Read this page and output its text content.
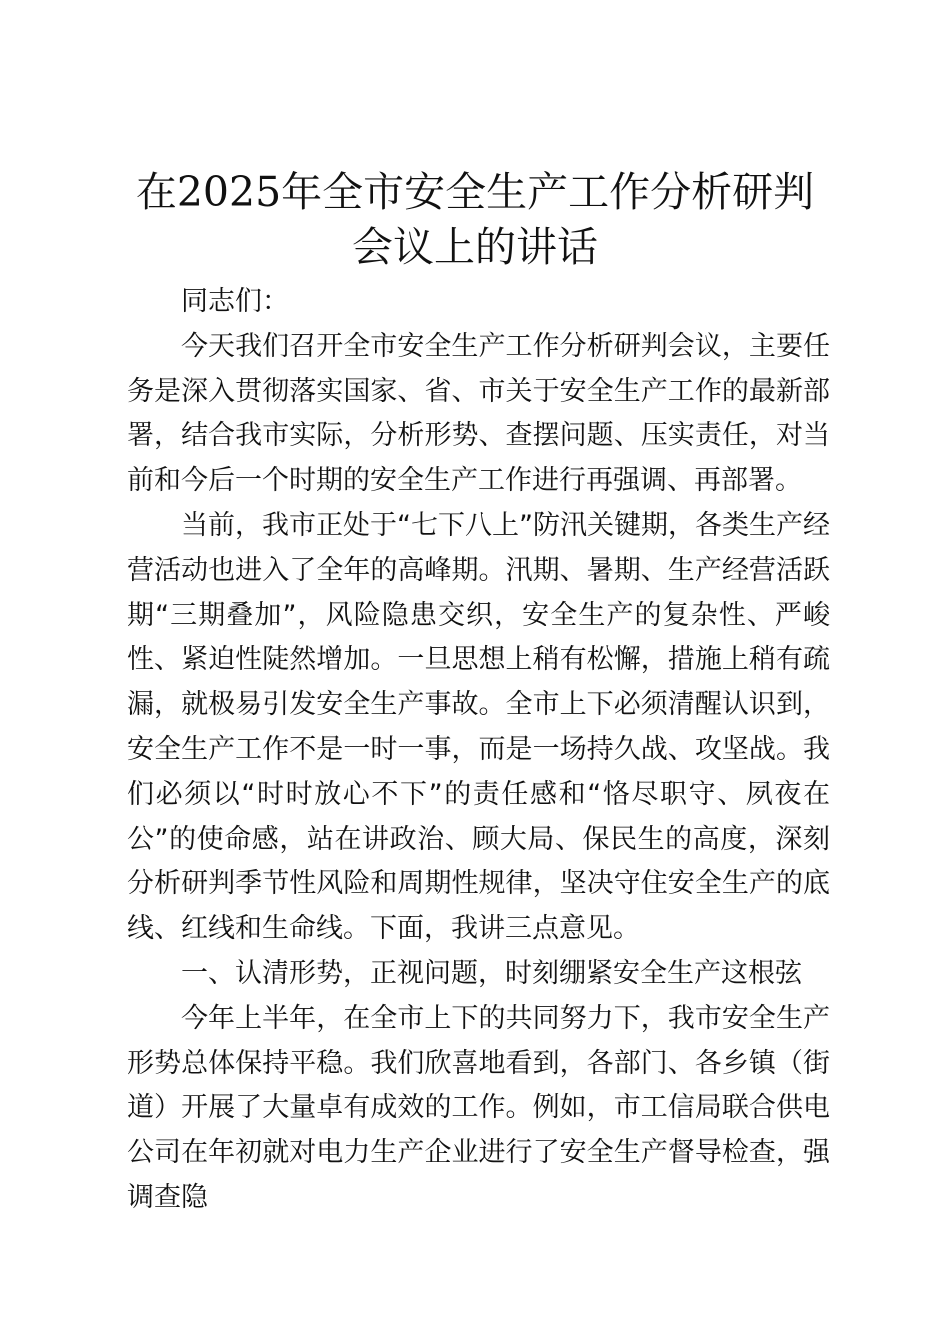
在2025年全市安全生产工作分析研判
会议上的讲话

同志们：

今天我们召开全市安全生产工作分析研判会议，主要任务是深入贯彻落实国家、省、市关于安全生产工作的最新部署，结合我市实际，分析形势、查摆问题、压实责任，对当前和今后一个时期的安全生产工作进行再强调、再部署。

当前，我市正处于“七下八上”防汛关键期，各类生产经营活动也进入了全年的高峰期。汛期、暑期、生产经营活跃期“三期叠加”，风险隐患交织，安全生产的复杂性、严峻性、紧迫性陡然增加。一旦思想上稍有松懈，措施上稍有疏漏，就极易引发安全生产事故。全市上下必须清醒认识到，安全生产工作不是一时一事，而是一场持久战、攻坚战。我们必须以“时时放心不下”的责任感和“恪尽职守、夙夜在公”的使命感，站在讲政治、顾大局、保民生的高度，深刻分析研判季节性风险和周期性规律，坚决守住安全生产的底线、红线和生命线。下面，我讲三点意见。

一、认清形势，正视问题，时刻绷紧安全生产这根弦

今年上半年，在全市上下的共同努力下，我市安全生产形势总体保持平稳。我们欣喜地看到，各部门、各乡镇（街道）开展了大量卓有成效的工作。例如，市工信局联合供电公司在年初就对电力生产企业进行了安全生产督导检查，强调查隐
